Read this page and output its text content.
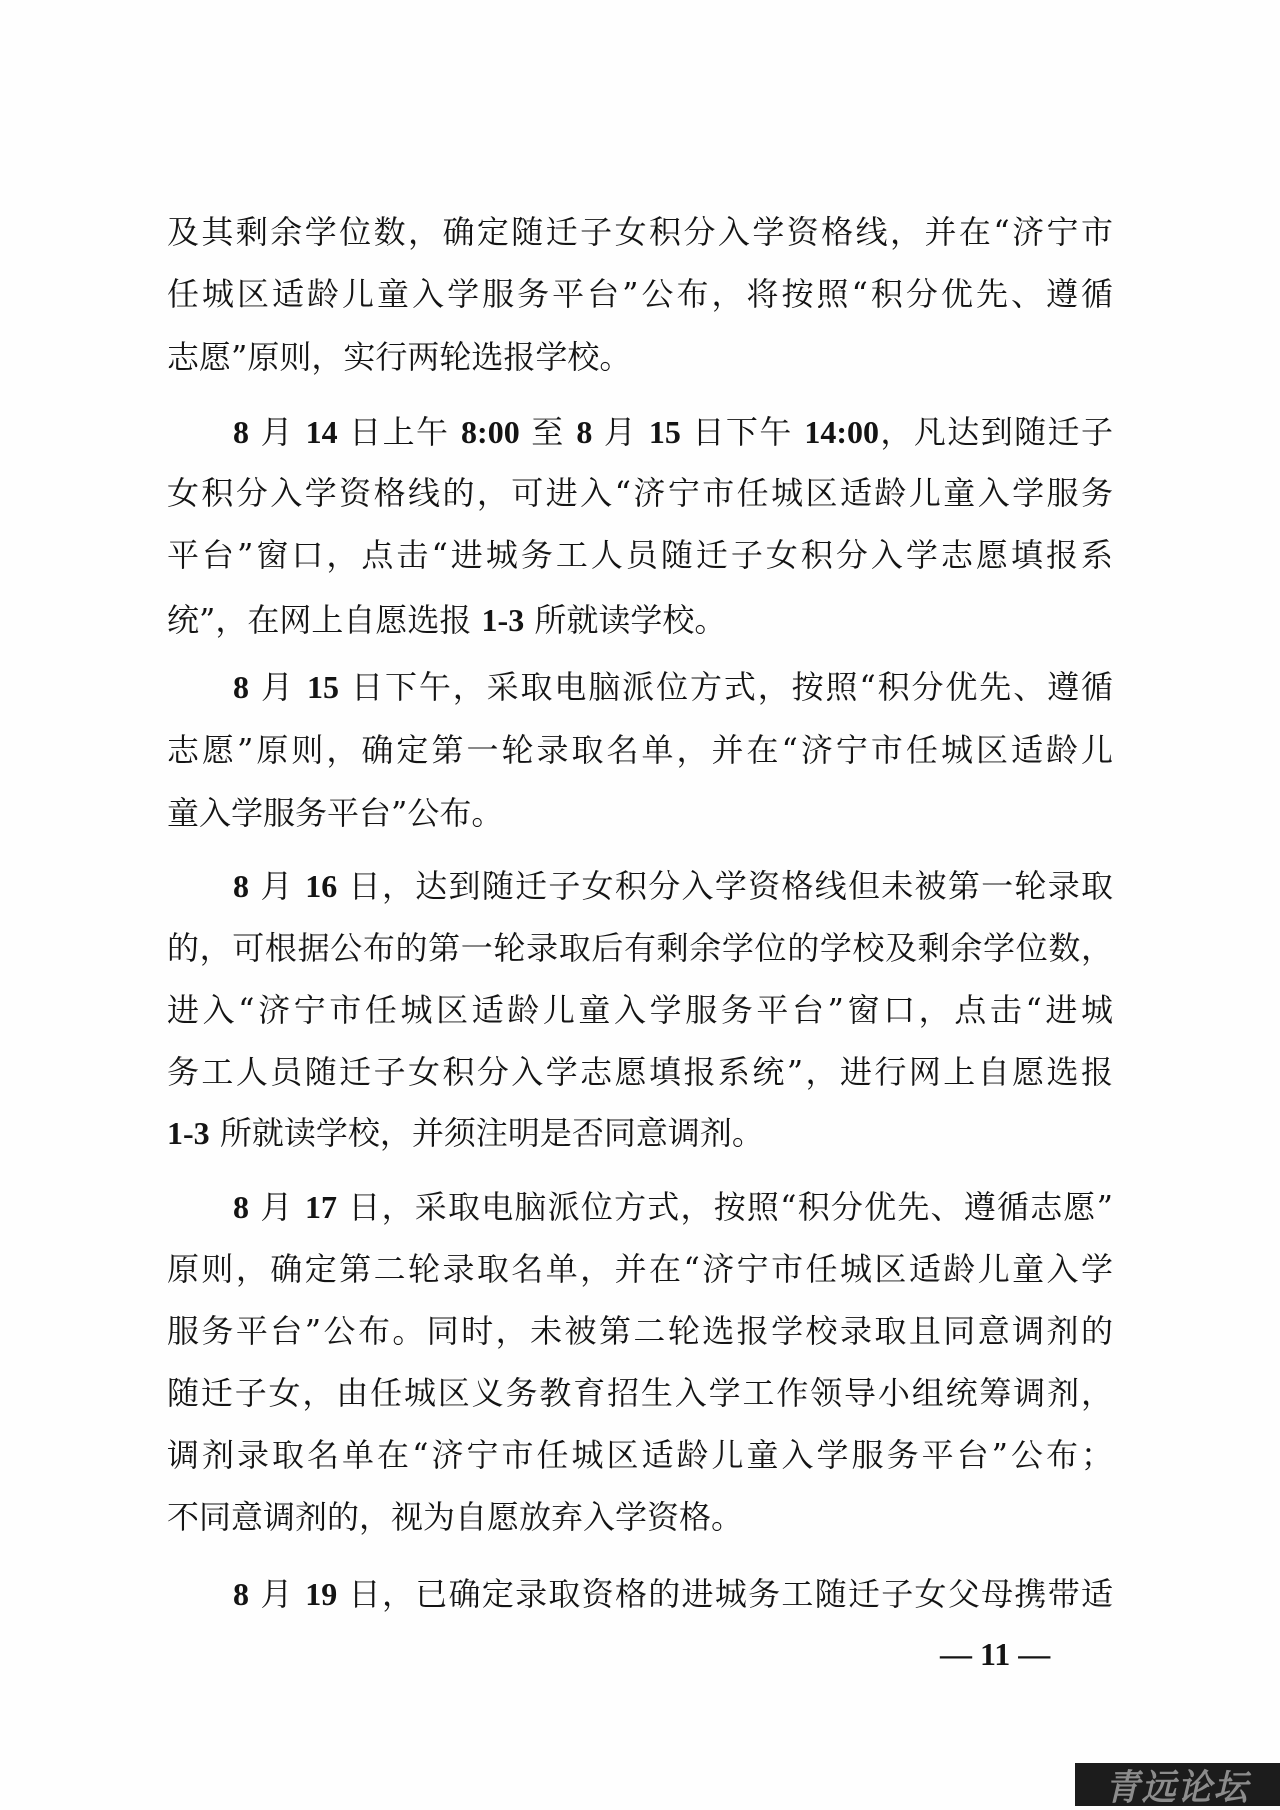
及其剩余学位数，确定随迁子女积分入学资格线，并在“济宁市
任城区适龄儿童入学服务平台”公布，将按照“积分优先、遵循
志愿”原则，实行两轮选报学校。
8 月 14 日上午 8:00 至 8 月 15 日下午 14:00，凡达到随迁子
女积分入学资格线的，可进入“济宁市任城区适龄儿童入学服务
平台”窗口，点击“进城务工人员随迁子女积分入学志愿填报系
统”，在网上自愿选报 1-3 所就读学校。
8 月 15 日下午，采取电脑派位方式，按照“积分优先、遵循
志愿”原则，确定第一轮录取名单，并在“济宁市任城区适龄儿
童入学服务平台”公布。
8 月 16 日，达到随迁子女积分入学资格线但未被第一轮录取
的，可根据公布的第一轮录取后有剩余学位的学校及剩余学位数，
进入“济宁市任城区适龄儿童入学服务平台”窗口，点击“进城
务工人员随迁子女积分入学志愿填报系统”，进行网上自愿选报
1-3 所就读学校，并须注明是否同意调剂。
8 月 17 日，采取电脑派位方式，按照“积分优先、遵循志愿”
原则，确定第二轮录取名单，并在“济宁市任城区适龄儿童入学
服务平台”公布。同时，未被第二轮选报学校录取且同意调剂的
随迁子女，由任城区义务教育招生入学工作领导小组统筹调剂，
调剂录取名单在“济宁市任城区适龄儿童入学服务平台”公布；
不同意调剂的，视为自愿放弃入学资格。
8 月 19 日，已确定录取资格的进城务工随迁子女父母携带适
— 11 —
青远论坛
